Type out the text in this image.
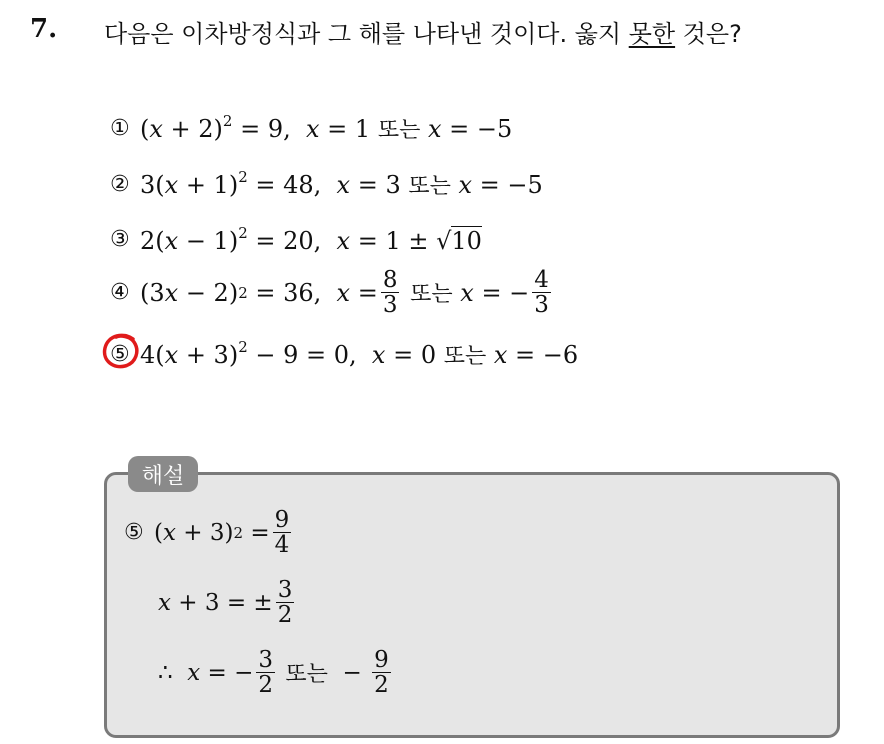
7. 다음은 이차방정식과 그 해를 나타낸 것이다. 옳지 못한 것은?
① $(x + 2)^2 = 9$,  x = 1 또는 x = −5
② $3(x + 1)^2 = 48$,  x = 3 또는 x = −5
③ $2(x - 1)^2 = 20$,  x = 1 ± √10
④ (3 x − 2) 2 = 36, $x = \frac{8}{3}$
또는
x = − $\frac{4}{3}$
⑤ $4(x + 3)^2 - 9 = 0$,  x = 0 또는 x = −6
해설
⑤ ( x + 3) $2 = \frac{9}{4}$
x + 3 = ± $\frac{3}{2}$
∴ x = − $\frac{3}{2}$
또는 − $\frac{9}{2}$
